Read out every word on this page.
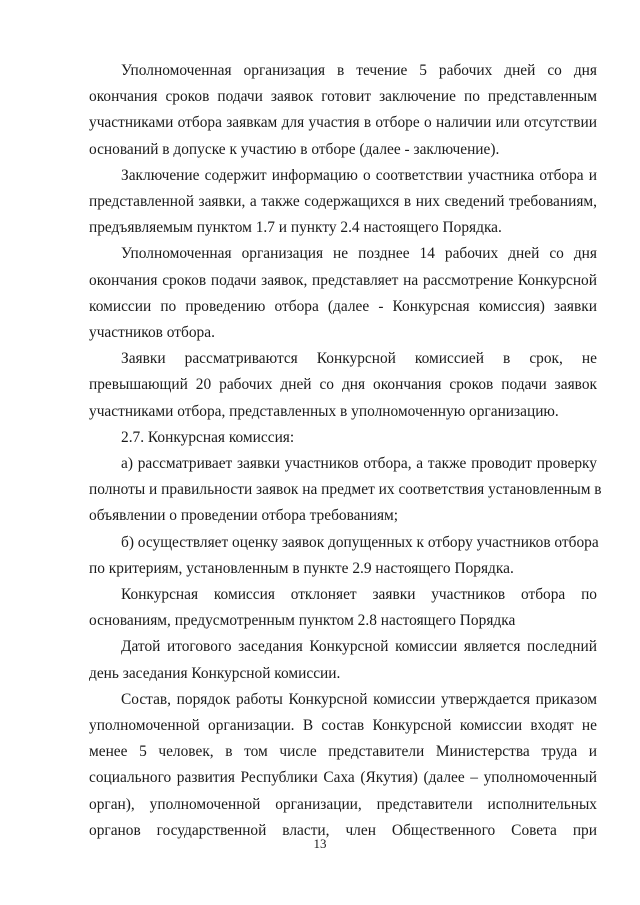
Уполномоченная организация в течение 5 рабочих дней со дня
окончания сроков подачи заявок готовит заключение по представленным
участниками отбора заявкам для участия в отборе о наличии или отсутствии
оснований в допуске к участию в отборе (далее - заключение).
Заключение содержит информацию о соответствии участника отбора и
представленной заявки, а также содержащихся в них сведений требованиям,
предъявляемым пунктом 1.7 и пункту 2.4 настоящего Порядка.
Уполномоченная организация не позднее 14 рабочих дней со дня
окончания сроков подачи заявок, представляет на рассмотрение Конкурсной
комиссии по проведению отбора (далее - Конкурсная комиссия) заявки
участников отбора.
Заявки рассматриваются Конкурсной комиссией в срок, не
превышающий 20 рабочих дней со дня окончания сроков подачи заявок
участниками отбора, представленных в уполномоченную организацию.
2.7. Конкурсная комиссия:
а) рассматривает заявки участников отбора, а также проводит проверку
полноты и правильности заявок на предмет их соответствия установленным в
объявлении о проведении отбора требованиям;
б) осуществляет оценку заявок допущенных к отбору участников отбора
по критериям, установленным в пункте 2.9 настоящего Порядка.
Конкурсная комиссия отклоняет заявки участников отбора по
основаниям, предусмотренным пунктом 2.8 настоящего Порядка
Датой итогового заседания Конкурсной комиссии является последний
день заседания Конкурсной комиссии.
Состав, порядок работы Конкурсной комиссии утверждается приказом
уполномоченной организации. В состав Конкурсной комиссии входят не
менее 5 человек, в том числе представители Министерства труда и
социального развития Республики Саха (Якутия) (далее – уполномоченный
орган), уполномоченной организации, представители исполнительных
органов государственной власти, член Общественного Совета при
13
